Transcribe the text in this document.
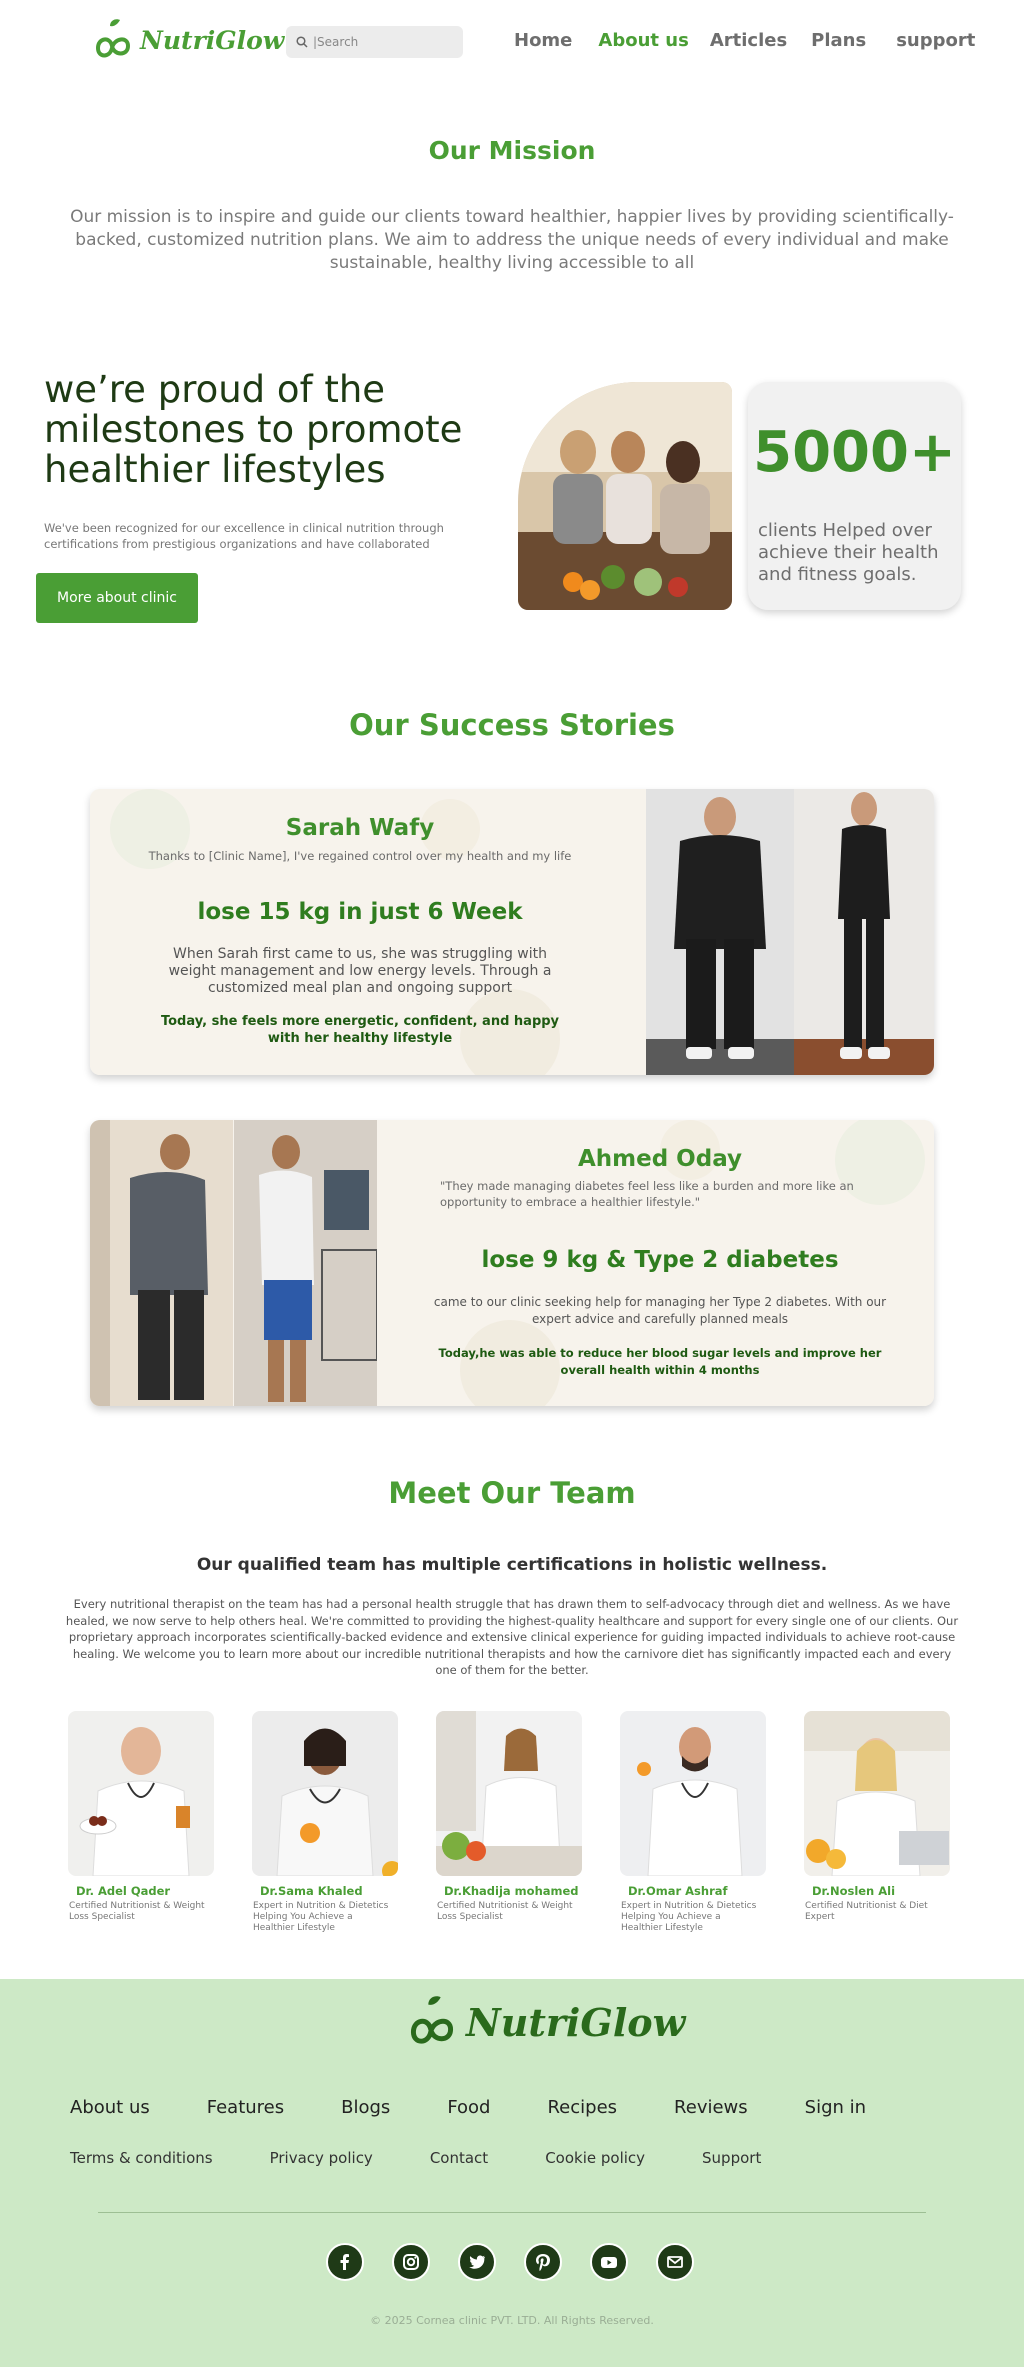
NutriGlow
|Search	Home About us Articles Plans support
Our Mission

Our mission is to inspire and guide our clients toward healthier, happier lives by providing scientifically-backed, customized nutrition plans. We aim to address the unique needs of every individual and make sustainable, healthy living accessible to all

we’re proud of the milestones to promote healthier lifestyles

We've been recognized for our excellence in clinical nutrition through certifications from prestigious organizations and have collaborated

More about clinic
5000+
clients Helped over achieve their health and fitness goals.
Our Success Stories
Sarah Wafy
Thanks to [Clinic Name], I've regained control over my health and my life
lose 15 kg in just 6 Week
When Sarah first came to us, she was struggling with weight management and low energy levels. Through a customized meal plan and ongoing support
Today, she feels more energetic, confident, and happy with her healthy lifestyle
Ahmed Oday
"They made managing diabetes feel less like a burden and more like an opportunity to embrace a healthier lifestyle."
lose 9 kg & Type 2 diabetes
came to our clinic seeking help for managing her Type 2 diabetes. With our expert advice and carefully planned meals
Today,he was able to reduce her blood sugar levels and improve her overall health within 4 months
Meet Our Team
Our qualified team has multiple certifications in holistic wellness.

Every nutritional therapist on the team has had a personal health struggle that has drawn them to self-advocacy through diet and wellness. As we have healed, we now serve to help others heal. We're committed to providing the highest-quality healthcare and support for every single one of our clients. Our proprietary approach incorporates scientifically-backed evidence and extensive clinical experience for guiding impacted individuals to achieve root-cause healing. We welcome you to learn more about our incredible nutritional therapists and how the carnivore diet has significantly impacted each and every one of them for the better.

Dr. Adel Qader
Certified Nutritionist & Weight Loss Specialist
Dr.Sama Khaled
Expert in Nutrition & Dietetics Helping You Achieve a Healthier Lifestyle
Dr.Khadija mohamed
Certified Nutritionist & Weight Loss Specialist
Dr.Omar Ashraf
Expert in Nutrition & Dietetics Helping You Achieve a Healthier Lifestyle
Dr.Noslen Ali
Certified Nutritionist & Diet Expert
NutriGlow
About us	Features	Blogs	Food	Recipes	Reviews	Sign in
Terms & conditions	Privacy policy	Contact	Cookie policy	Support
© 2025 Cornea clinic PVT. LTD. All Rights Reserved.
